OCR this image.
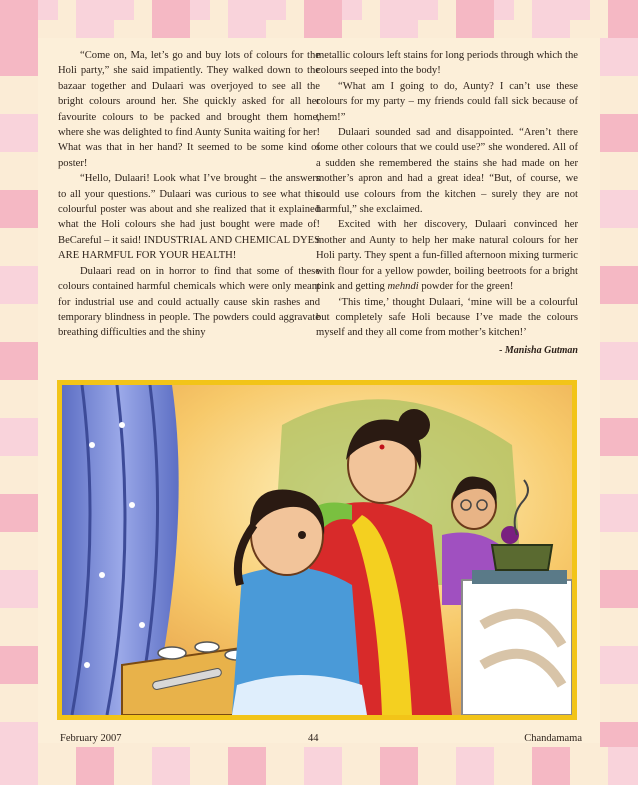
“Come on, Ma, let’s go and buy lots of colours for the Holi party,” she said impatiently. They walked down to the bazaar together and Dulaari was overjoyed to see all the bright colours around her. She quickly asked for all her favourite colours to be packed and brought them home, where she was delighted to find Aunty Sunita waiting for her! What was that in her hand? It seemed to be some kind of poster!

“Hello, Dulaari! Look what I’ve brought – the answers to all your questions.” Dulaari was curious to see what this colourful poster was about and she realized that it explained what the Holi colours she had just bought were made of! BeCareful – it said! INDUSTRIAL AND CHEMICAL DYES ARE HARMFUL FOR YOUR HEALTH!

Dulaari read on in horror to find that some of these colours contained harmful chemicals which were only meant for industrial use and could actually cause skin rashes and temporary blindness in people. The powders could aggravate breathing difficulties and the shiny

metallic colours left stains for long periods through which the colours seeped into the body!

“What am I going to do, Aunty? I can’t use these colours for my party – my friends could fall sick because of them!”

Dulaari sounded sad and disappointed. “Aren’t there some other colours that we could use?” she wondered. All of a sudden she remembered the stains she had made on her mother’s apron and had a great idea! “But, of course, we could use colours from the kitchen – surely they are not harmful,” she exclaimed.

Excited with her discovery, Dulaari convinced her mother and Aunty to help her make natural colours for her Holi party. They spent a fun-filled afternoon mixing turmeric with flour for a yellow powder, boiling beetroots for a bright pink and getting mehndi powder for the green!

‘This time,’ thought Dulaari, ‘mine will be a colourful but completely safe Holi because I’ve made the colours myself and they all come from mother’s kitchen!’

- Manisha Gutman
February 2007	44	Chandamama
